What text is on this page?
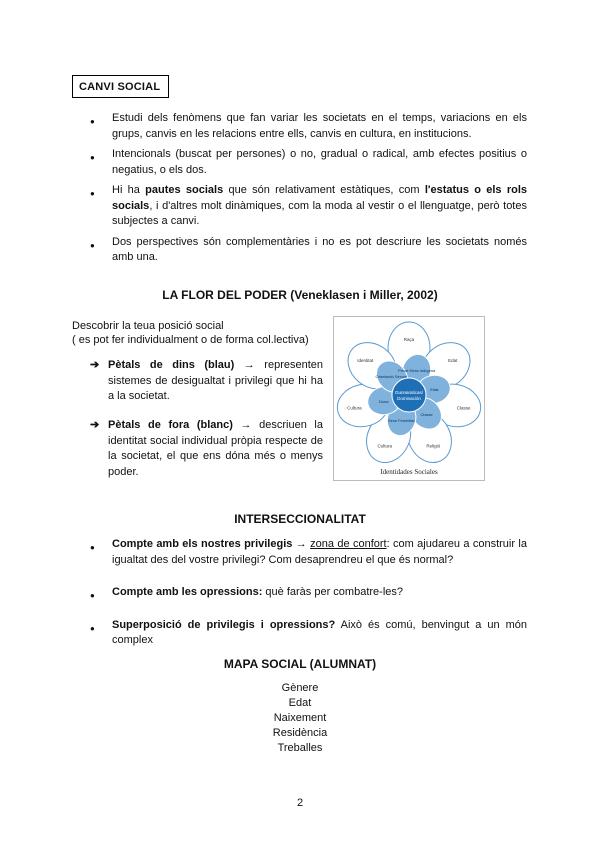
CANVI SOCIAL
● Estudi dels fenòmens que fan variar les societats en el temps, variacions en els grups, canvis en les relacions entre ells, canvis en cultura, en institucions.
● Intencionals (buscat per persones) o no, gradual o radical, amb efectes positius o negatius, o els dos.
● Hi ha pautes socials que són relativament estàtiques, com l'estatus o els rols socials, i d'altres molt dinàmiques, com la moda al vestir o el llenguatge, però totes subjectes a canvi.
● Dos perspectives són complementàries i no es pot descriure les societats només amb una.
LA FLOR DEL PODER (Veneklasen i Miller, 2002)
Descobrir la teua posició social
( es pot fer individualment o de forma col.lectiva)
➔ Pètals de dins (blau) → representen sistemes de desigualtat i privilegi que hi ha a la societat.
➔ Pètals de fora (blanc) → descriuen la identitat social individual pròpia respecte de la societat, el que ens dóna més o menys poder.
Raça
Edat
Classe
Religió
Cultura
Cultura
Identitat
Privat Etnia Indígena
Edat
Classe
Sexe Feminitat
Dona
Orientació Sexual
Gunnaraticas/
Dominación
Identidades Sociales
INTERSECCIONALITAT
● Compte amb els nostres privilegis → zona de confort: com ajudareu a construir la igualtat des del vostre privilegi? Com desaprendreu el que és normal?
● Compte amb les opressions: què faràs per combatre-les?
● Superposició de privilegis i opressions? Això és comú, benvingut a un món complex
MAPA SOCIAL (ALUMNAT)
Gènere
Edat
Naixement
Residència
Treballes
2
